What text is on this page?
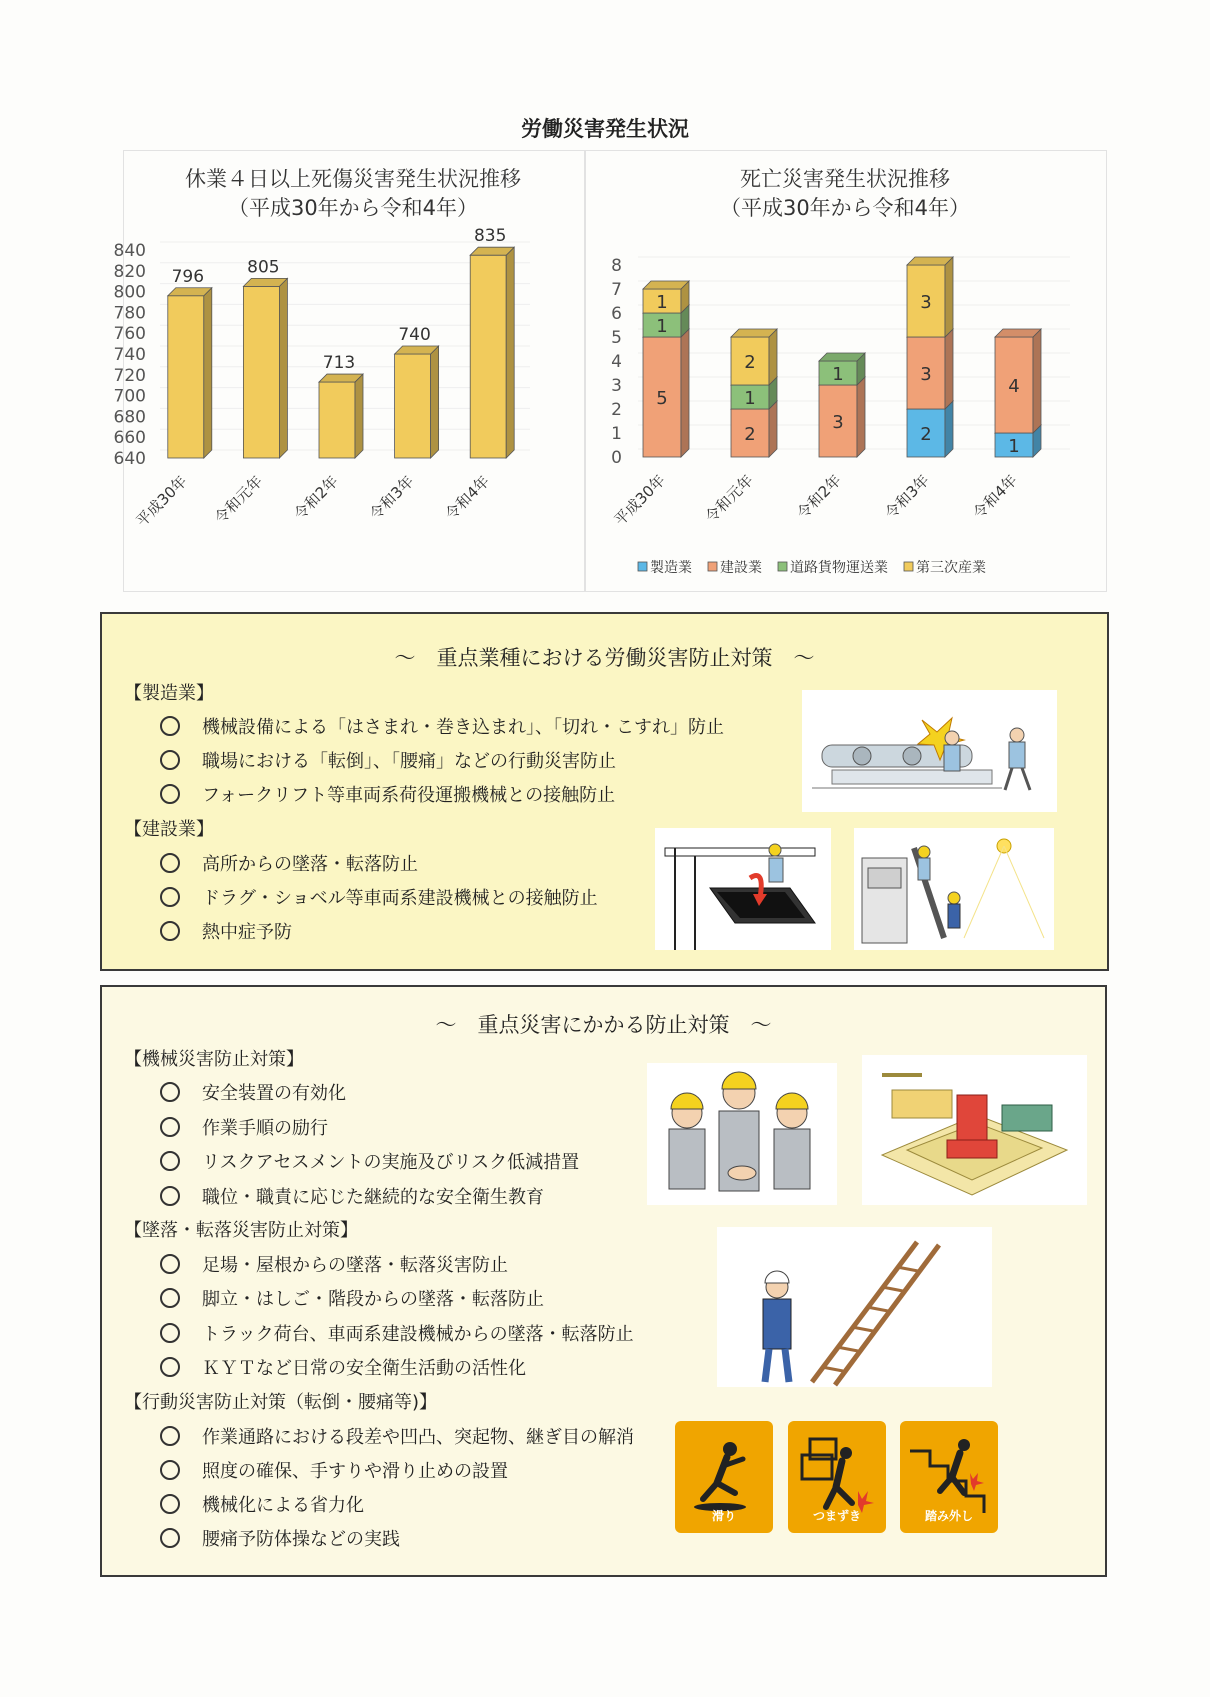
労働災害発生状況
休業４日以上死傷災害発生状況推移
（平成30年から令和4年）
640
660
680
700
720
740
760
780
800
820
840
796
平成30年
805
令和元年
713
令和2年
740
令和3年
835
令和4年
死亡災害発生状況推移
（平成30年から令和4年）
0
1
2
3
4
5
6
7
8
5
1
1
平成30年
2
1
2
令和元年
3
1
令和2年
2
3
3
令和3年
1
4
令和4年
製造業 建設業 道路貨物運送業 第三次産業
～　重点業種における労働災害防止対策　～
【製造業】
機械設備による「はさまれ・巻き込まれ」、「切れ・こすれ」防止
職場における「転倒」、「腰痛」などの行動災害防止
フォークリフト等車両系荷役運搬機械との接触防止
【建設業】
高所からの墜落・転落防止
ドラグ・ショベル等車両系建設機械との接触防止
熱中症予防
～　重点災害にかかる防止対策　～
【機械災害防止対策】
安全装置の有効化
作業手順の励行
リスクアセスメントの実施及びリスク低減措置
職位・職責に応じた継続的な安全衛生教育
【墜落・転落災害防止対策】
足場・屋根からの墜落・転落災害防止
脚立・はしご・階段からの墜落・転落防止
トラック荷台、車両系建設機械からの墜落・転落防止
ＫＹＴなど日常の安全衛生活動の活性化
【行動災害防止対策（転倒・腰痛等)】
作業通路における段差や凹凸、突起物、継ぎ目の解消
照度の確保、手すりや滑り止めの設置
機械化による省力化
腰痛予防体操などの実践
滑り	つまずき	踏み外し
